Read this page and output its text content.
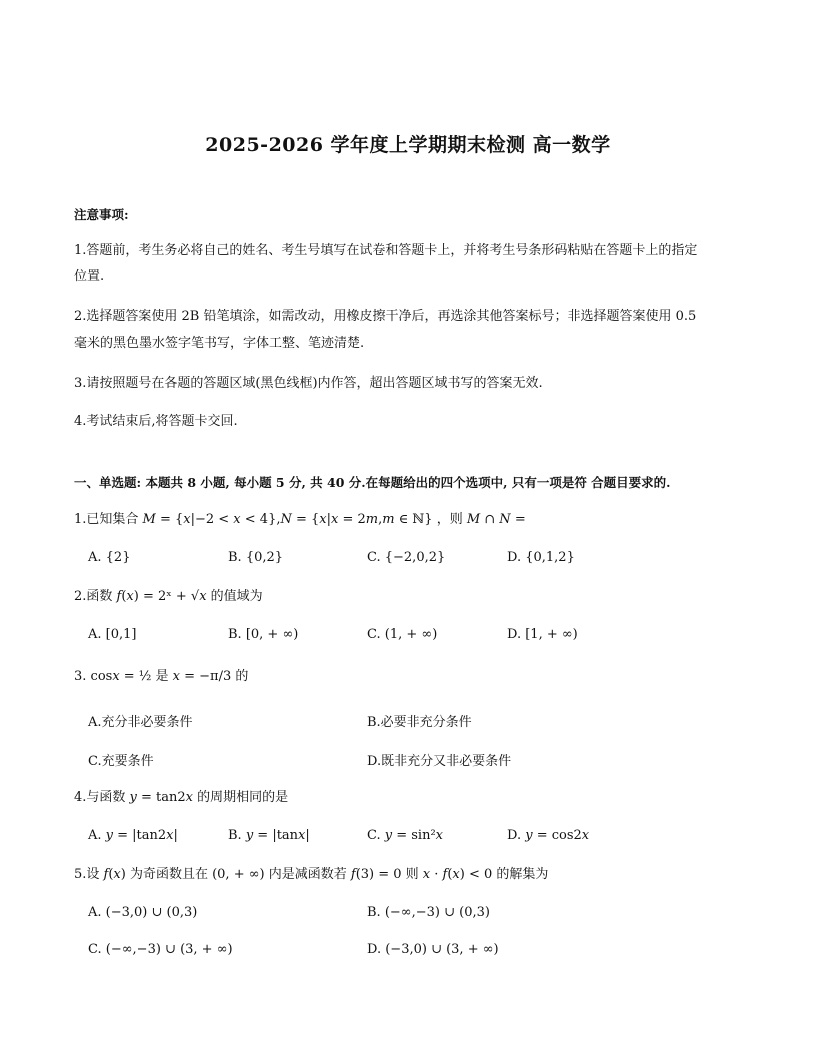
2025-2026 学年度上学期期末检测 高一数学
注意事项:
1.答题前，考生务必将自己的姓名、考生号填写在试卷和答题卡上，并将考生号条形码粘贴在答题卡上的指定
位置.
2.选择题答案使用 2B 铅笔填涂，如需改动，用橡皮擦干净后，再选涂其他答案标号；非选择题答案使用 0.5
毫米的黑色墨水签字笔书写，字体工整、笔迹清楚.
3.请按照题号在各题的答题区域(黑色线框)内作答，超出答题区域书写的答案无效.
4.考试结束后,将答题卡交回.
一、单选题: 本题共 8 小题, 每小题 5 分, 共 40 分.在每题给出的四个选项中, 只有一项是符 合题目要求的.
1.已知集合 𝑀 = {𝑥|−2 < 𝑥 < 4},𝑁 = {𝑥|𝑥 = 2𝑚,𝑚 ∈ ℕ} ，则 𝑀 ∩ 𝑁 =
A. {2}	B. {0,2}	C. {−2,0,2}	D. {0,1,2}
2.函数 𝑓(𝑥) = 2ˣ + √𝑥 的值域为
A. [0,1]	B. [0, + ∞)	C. (1, + ∞)	D. [1, + ∞)
3. cos𝑥 = ½ 是 𝑥 = −π/3 的
A.充分非必要条件	B.必要非充分条件
C.充要条件	D.既非充分又非必要条件
4.与函数 𝑦 = tan2𝑥 的周期相同的是
A. 𝑦 = |tan2𝑥|	B. 𝑦 = |tan𝑥|	C. 𝑦 = sin²𝑥	D. 𝑦 = cos2𝑥
5.设 𝑓(𝑥) 为奇函数且在 (0, + ∞) 内是减函数若 𝑓(3) = 0 则 𝑥 · 𝑓(𝑥) < 0 的解集为
A. (−3,0) ∪ (0,3)	B. (−∞,−3) ∪ (0,3)
C. (−∞,−3) ∪ (3, + ∞)	D. (−3,0) ∪ (3, + ∞)
